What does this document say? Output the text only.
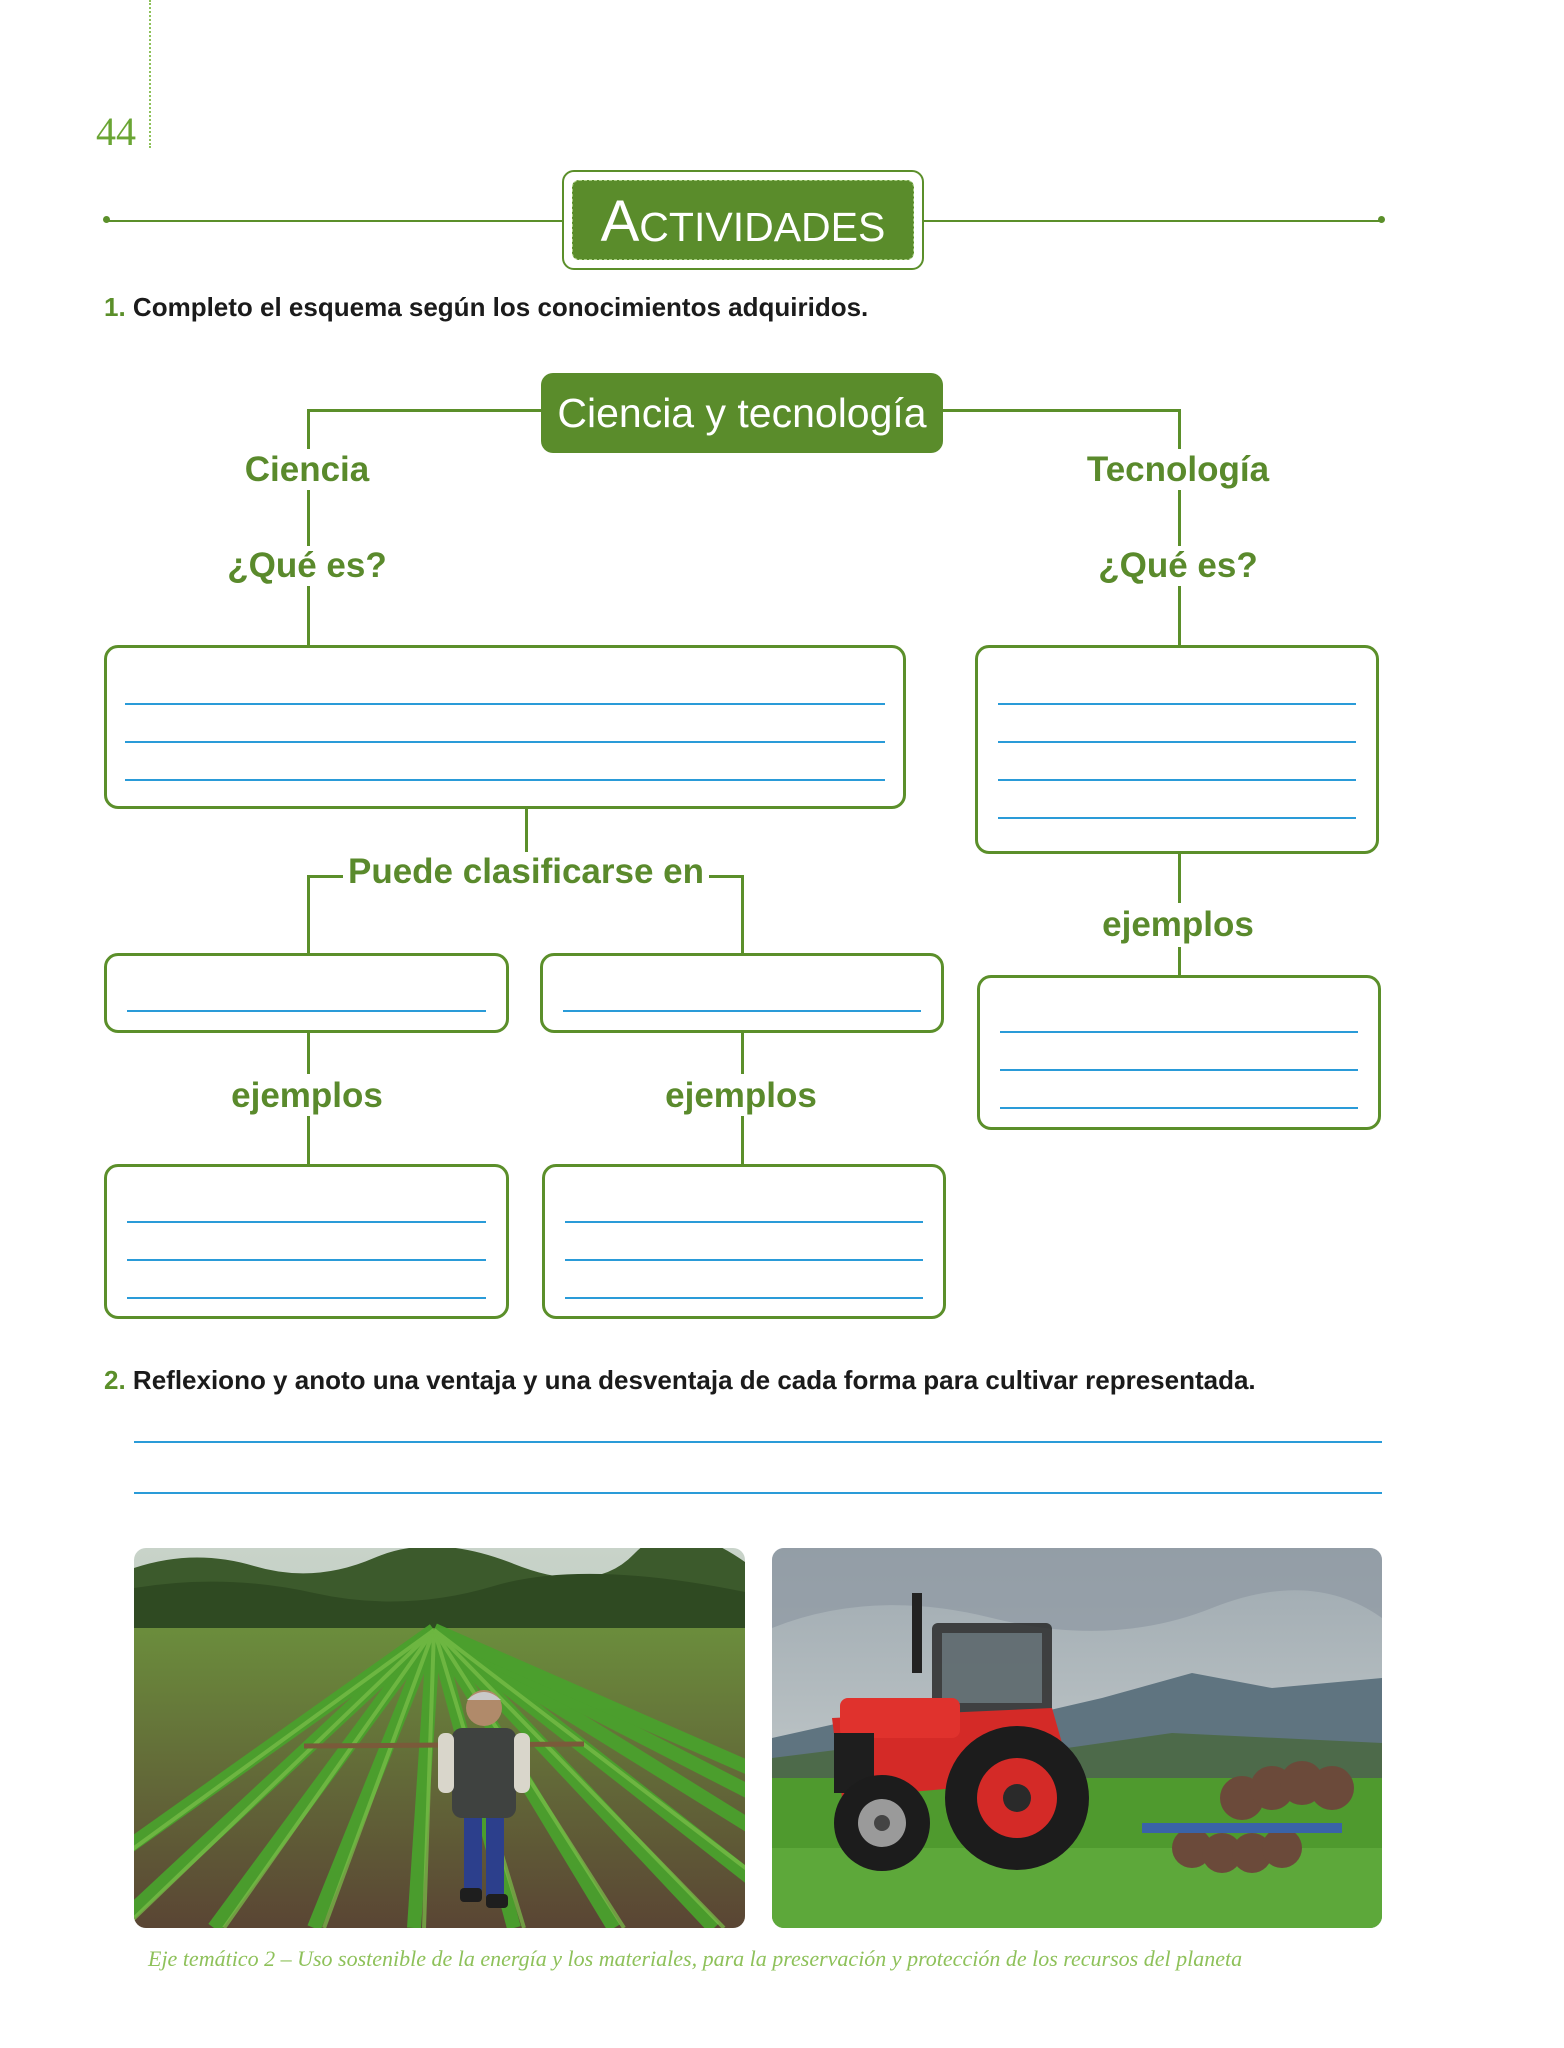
44
Actividades
1. Completo el esquema según los conocimientos adquiridos.
Ciencia y tecnología
Ciencia	Tecnología
¿Qué es?	¿Qué es?
Puede clasificarse en
ejemplos	ejemplos
ejemplos
2. Reflexiono y anoto una ventaja y una desventaja de cada forma para cultivar representada.
Eje temático 2 – Uso sostenible de la energía y los materiales, para la preservación y protección de los recursos del planeta
